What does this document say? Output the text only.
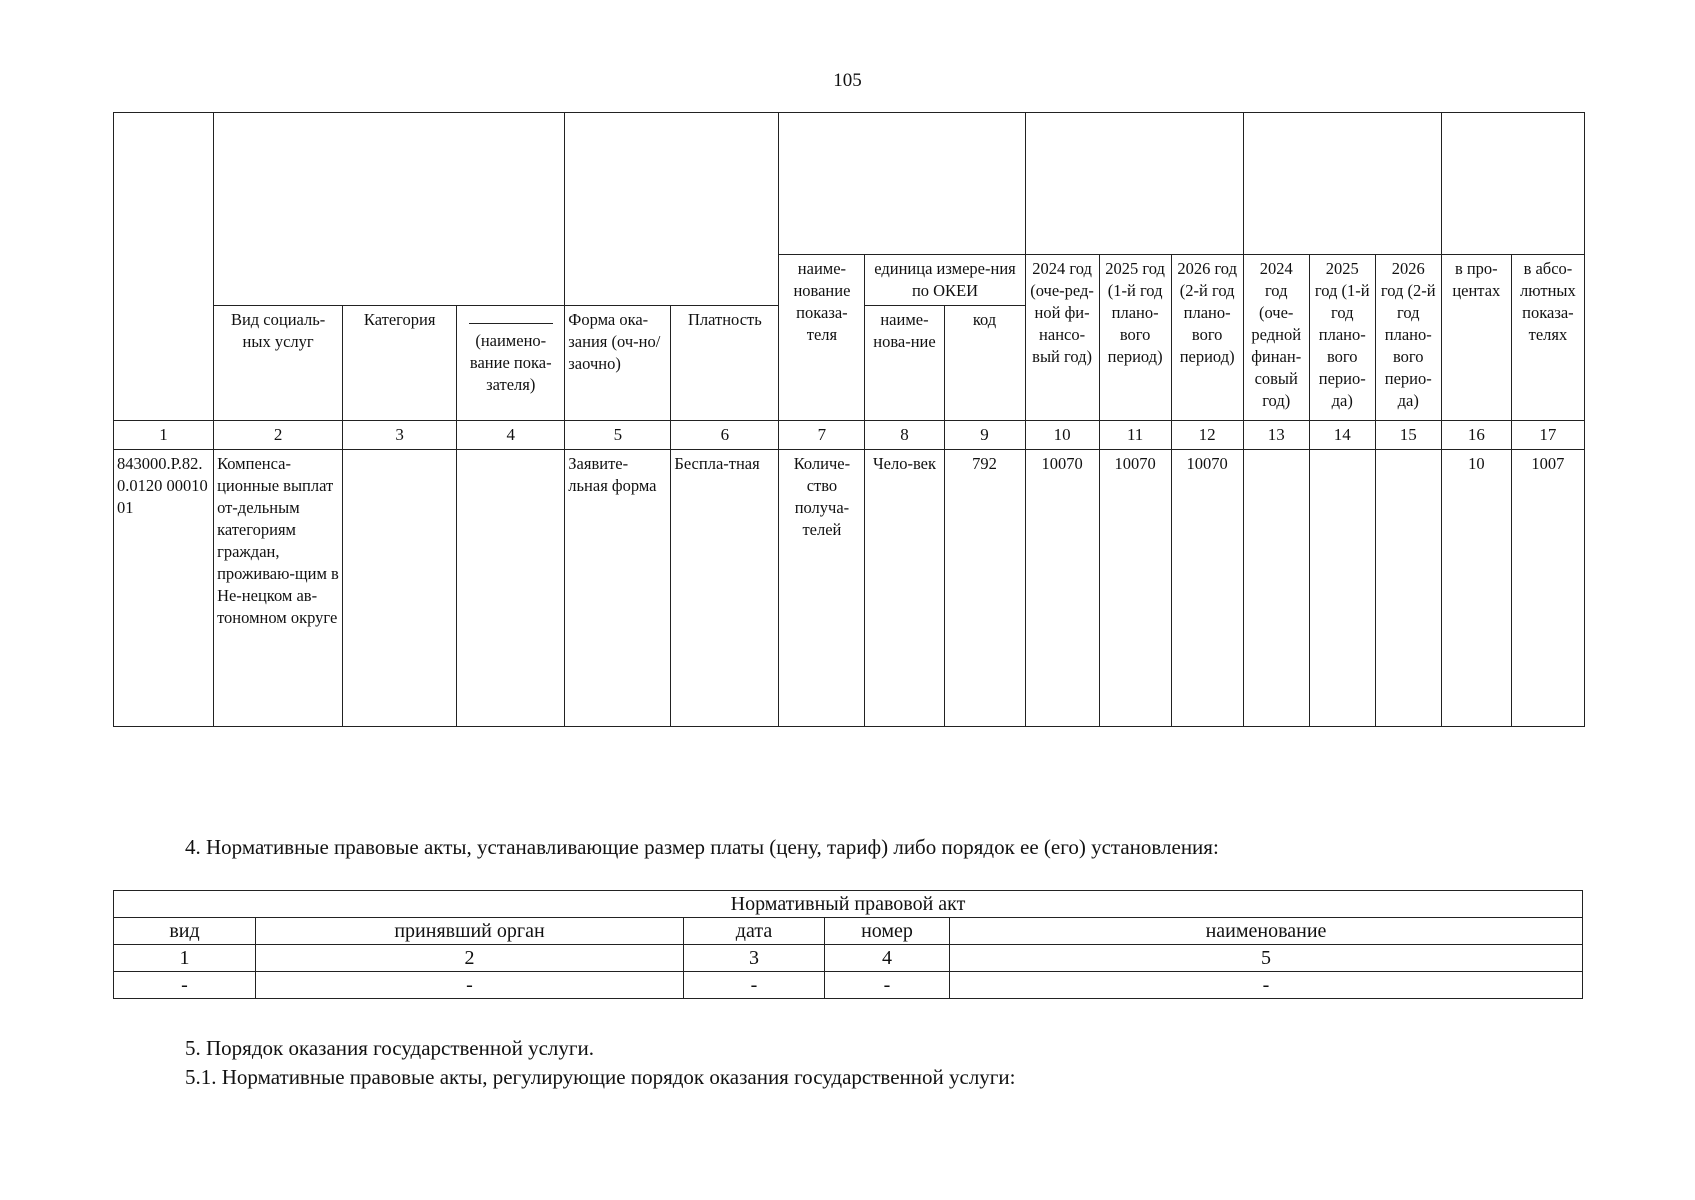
105

						наиме-нование показа-теля	единица измере-ния по ОКЕИ		2024 год (оче-ред-ной фи-нансо-вый год)	2025 год (1-й год плано-вого период)	2026 год (2-й год плано-вого период)	2024 год (оче-редной финан-совый год)	2025 год (1-й год плано-вого перио-да)	2026 год (2-й год плано-вого перио-да)	в про-центах	в абсо-лютных показа-телях
							наиме-нова-ние	код								
	Вид социаль-ных услуг	Категория	(наимено-вание пока-зателя)	Форма ока-зания (оч-но/заочно)	Платность											
1	2	3	4	5	6	7	8	9	10	11	12	13	14	15	16	17
843000.Р.82.0.0120 0001001	Компенса-ционные выплат от-дельным категориям граждан, проживаю-щим в Не-нецком ав-тономном округе			Заявите-льная форма	Беспла-тная	Количе-ство получа-телей	Чело-век	792	10070	10070	10070				10	1007
4. Нормативные правовые акты, устанавливающие размер платы (цену, тариф) либо порядок ее (его) установления:
Нормативный правовой акт				
вид	принявший орган	дата	номер	наименование
1	2	3	4	5
-	-	-	-	-
5. Порядок оказания государственной услуги.
5.1. Нормативные правовые акты, регулирующие порядок оказания государственной услуги:
